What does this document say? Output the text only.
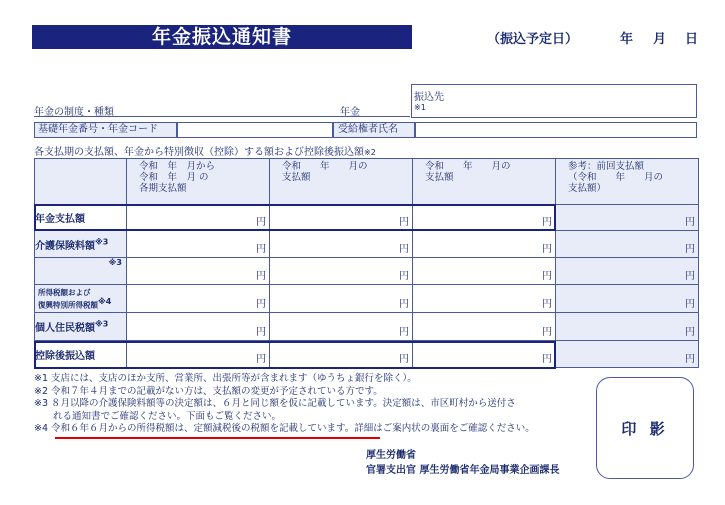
年金振込通知書	（振込予定日）	年 月 日
年金の制度・種類	年金
振込先
※1
基礎年金番号・年金コード	受給権者氏名
各支払期の支払額、年金から特別徴収（控除）する額および控除後振込額※2
	令和　年　月から
令和　年　月 の
各期支払額	令和　　年　　月の
支払額	令和　　年　　月の
支払額	参考：前回支払額
（令和　　年　　月の
支払額）
年金支払額	円	円	円	円
介護保険料額$^{※3}$	円	円	円	円
$^{※3}$	円	円	円	円
所得税額および
復興特別所得税額$^{※4}$	円	円	円	円
個人住民税額$^{※3}$	円	円	円	円
控除後振込額	円	円	円	円
※1 支店には、支店のほか支所、営業所、出張所等が含まれます（ゆうちょ銀行を除く）。
※2 令和７年４月までの記載がない方は、支払額の変更が予定されている方です。
※3 ８月以降の介護保険料額等の決定額は、６月と同じ額を仮に記載しています。決定額は、市区町村から送付さ
　　れる通知書でご確認ください。下面もご覧ください。
※4 令和６年６月からの所得税額は、定額減税後の税額を記載しています。詳細はご案内状の裏面をご確認ください。
厚生労働省
官署支出官 厚生労働省年金局事業企画課長
印 影
